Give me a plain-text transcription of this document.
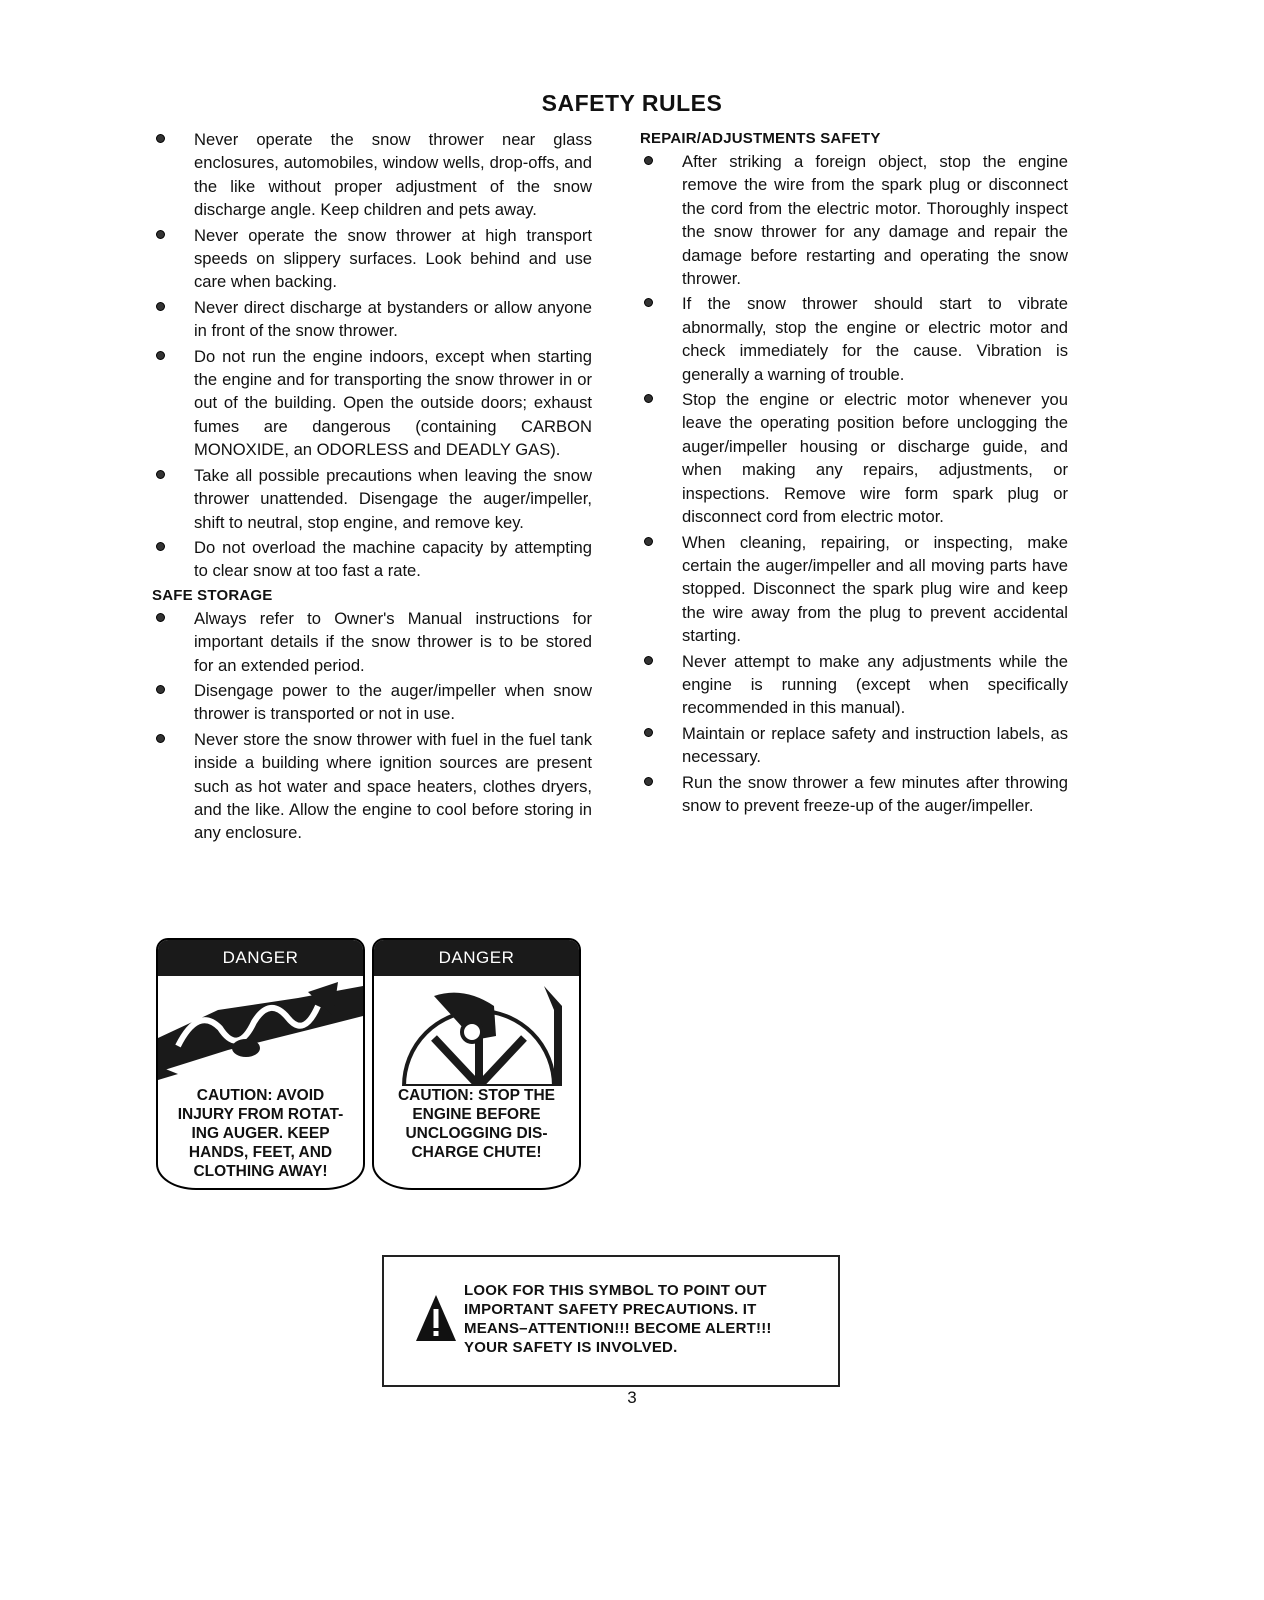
SAFETY RULES
Never operate the snow thrower near glass enclosures, automobiles, window wells, drop-offs, and the like without proper adjustment of the snow discharge angle. Keep children and pets away.
Never operate the snow thrower at high transport speeds on slippery surfaces. Look behind and use care when backing.
Never direct discharge at bystanders or allow anyone in front of the snow thrower.
Do not run the engine indoors, except when starting the engine and for transporting the snow thrower in or out of the building. Open the outside doors; exhaust fumes are dangerous (containing CARBON MONOXIDE, an ODORLESS and DEADLY GAS).
Take all possible precautions when leaving the snow thrower unattended. Disengage the auger/impeller, shift to neutral, stop engine, and remove key.
Do not overload the machine capacity by attempting to clear snow at too fast a rate.
SAFE STORAGE
Always refer to Owner's Manual instructions for important details if the snow thrower is to be stored for an extended period.
Disengage power to the auger/impeller when snow thrower is transported or not in use.
Never store the snow thrower with fuel in the fuel tank inside a building where ignition sources are present such as hot water and space heaters, clothes dryers, and the like. Allow the engine to cool before storing in any enclosure.
REPAIR/ADJUSTMENTS SAFETY
After striking a foreign object, stop the engine remove the wire from the spark plug or disconnect the cord from the electric motor. Thoroughly inspect the snow thrower for any damage and repair the damage before restarting and operating the snow thrower.
If the snow thrower should start to vibrate abnormally, stop the engine or electric motor and check immediately for the cause. Vibration is generally a warning of trouble.
Stop the engine or electric motor whenever you leave the operating position before unclogging the auger/impeller housing or discharge guide, and when making any repairs, adjustments, or inspections. Remove wire form spark plug or disconnect cord from electric motor.
When cleaning, repairing, or inspecting, make certain the auger/impeller and all moving parts have stopped. Disconnect the spark plug wire and keep the wire away from the plug to prevent accidental starting.
Never attempt to make any adjustments while the engine is running (except when specifically recommended in this manual).
Maintain or replace safety and instruction labels, as necessary.
Run the snow thrower a few minutes after throwing snow to prevent freeze-up of the auger/impeller.
DANGER
CAUTION: AVOID
INJURY FROM ROTAT-
ING AUGER. KEEP
HANDS, FEET, AND
CLOTHING AWAY!
DANGER
CAUTION: STOP THE
ENGINE BEFORE
UNCLOGGING DIS-
CHARGE CHUTE!
LOOK FOR THIS SYMBOL TO POINT OUT
IMPORTANT SAFETY PRECAUTIONS. IT
MEANS–ATTENTION!!! BECOME ALERT!!!
YOUR SAFETY IS INVOLVED.
3
